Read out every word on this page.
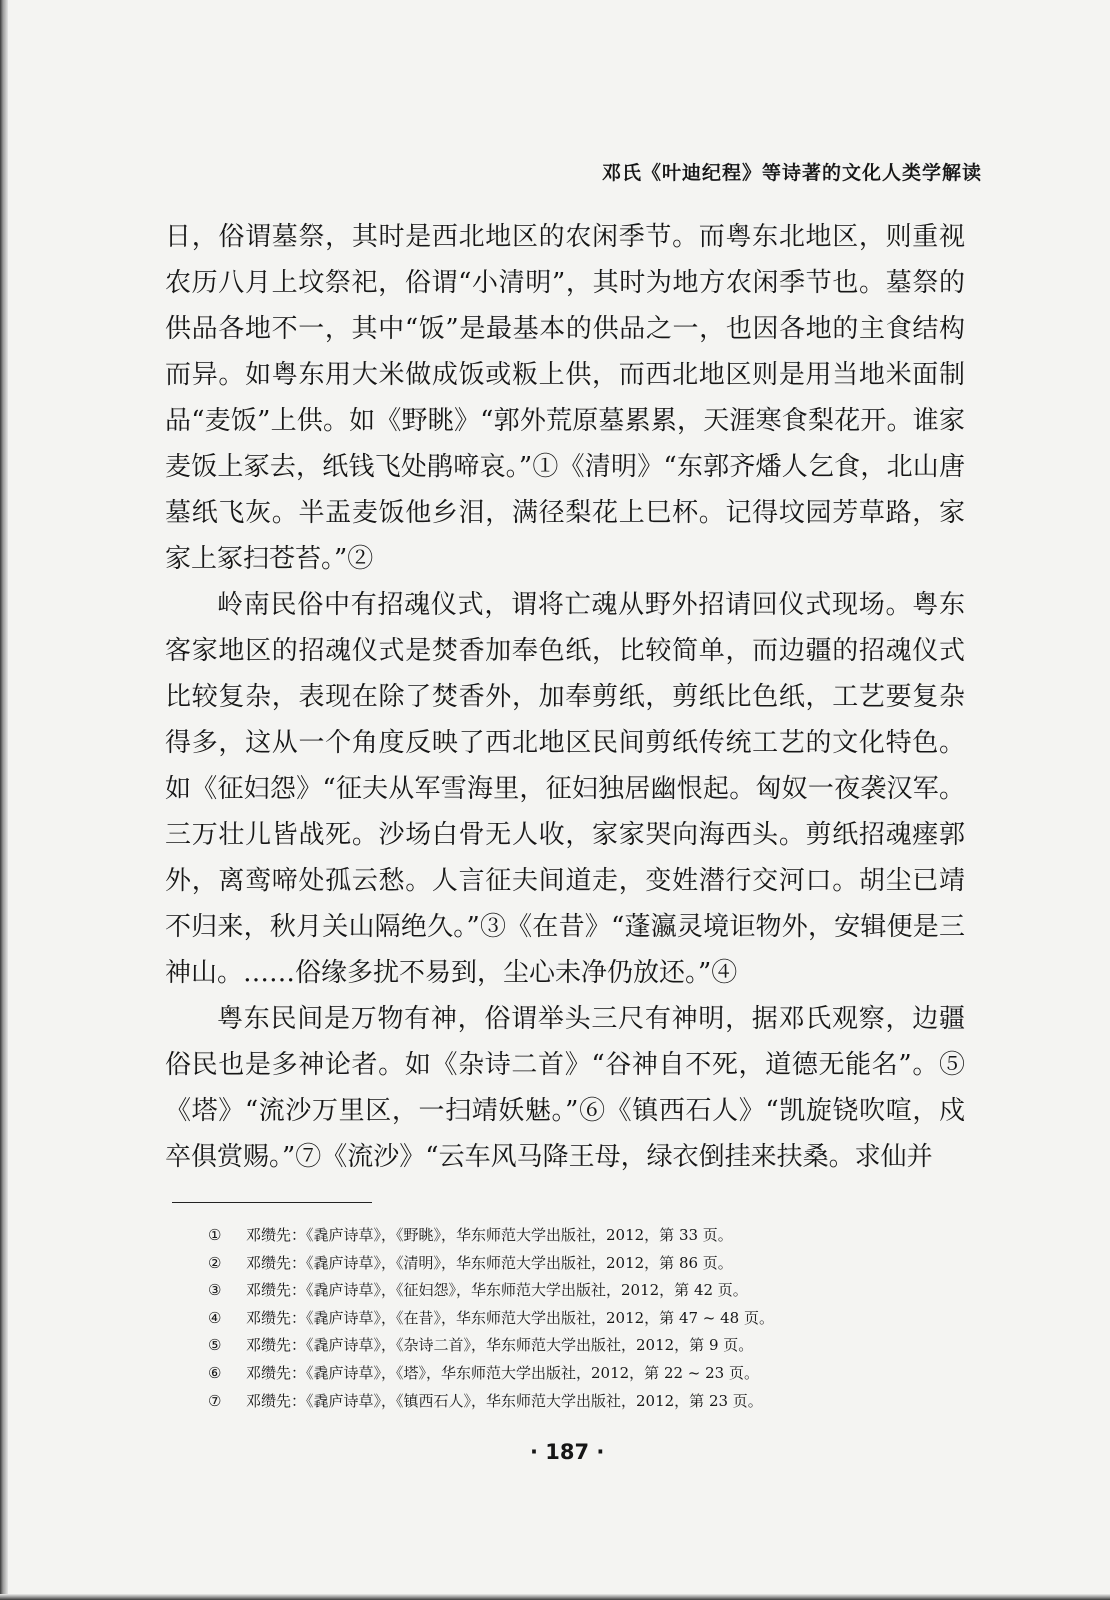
邓氏《叶迪纪程》等诗著的文化人类学解读

日，俗谓墓祭，其时是西北地区的农闲季节。而粤东北地区，则重视农历八月上坟祭祀，俗谓“小清明”，其时为地方农闲季节也。墓祭的供品各地不一，其中“饭”是最基本的供品之一，也因各地的主食结构而异。如粤东用大米做成饭或粄上供，而西北地区则是用当地米面制品“麦饭”上供。如《野眺》“郭外荒原墓累累，天涯寒食梨花开。谁家麦饭上冢去，纸钱飞处鹃啼哀。”①《清明》“东郭齐燔人乞食，北山唐墓纸飞灰。半盂麦饭他乡泪，满径梨花上巳杯。记得坟园芳草路，家家上冢扫苍苔。”②

岭南民俗中有招魂仪式，谓将亡魂从野外招请回仪式现场。粤东客家地区的招魂仪式是焚香加奉色纸，比较简单，而边疆的招魂仪式比较复杂，表现在除了焚香外，加奉剪纸，剪纸比色纸，工艺要复杂得多，这从一个角度反映了西北地区民间剪纸传统工艺的文化特色。如《征妇怨》“征夫从军雪海里，征妇独居幽恨起。匈奴一夜袭汉军。三万壮儿皆战死。沙场白骨无人收，家家哭向海西头。剪纸招魂瘗郭外，离鸾啼处孤云愁。人言征夫间道走，变姓潜行交河口。胡尘已靖不归来，秋月关山隔绝久。”③《在昔》“蓬瀛灵境讵物外，安辑便是三神山。……俗缘多扰不易到，尘心未净仍放还。”④

粤东民间是万物有神，俗谓举头三尺有神明，据邓氏观察，边疆俗民也是多神论者。如《杂诗二首》“谷神自不死，道德无能名”。⑤《塔》“流沙万里区，一扫靖妖魅。”⑥《镇西石人》“凯旋铙吹喧，戍卒俱赏赐。”⑦《流沙》“云车风马降王母，绿衣倒挂来扶桑。求仙并

① 邓缵先：《毳庐诗草》，《野眺》，华东师范大学出版社，2012，第 33 页。
② 邓缵先：《毳庐诗草》，《清明》，华东师范大学出版社，2012，第 86 页。
③ 邓缵先：《毳庐诗草》，《征妇怨》，华东师范大学出版社，2012，第 42 页。
④ 邓缵先：《毳庐诗草》，《在昔》，华东师范大学出版社，2012，第 47 ~ 48 页。
⑤ 邓缵先：《毳庐诗草》，《杂诗二首》，华东师范大学出版社，2012，第 9 页。
⑥ 邓缵先：《毳庐诗草》，《塔》，华东师范大学出版社，2012，第 22 ~ 23 页。
⑦ 邓缵先：《毳庐诗草》，《镇西石人》，华东师范大学出版社，2012，第 23 页。
· 187 ·
